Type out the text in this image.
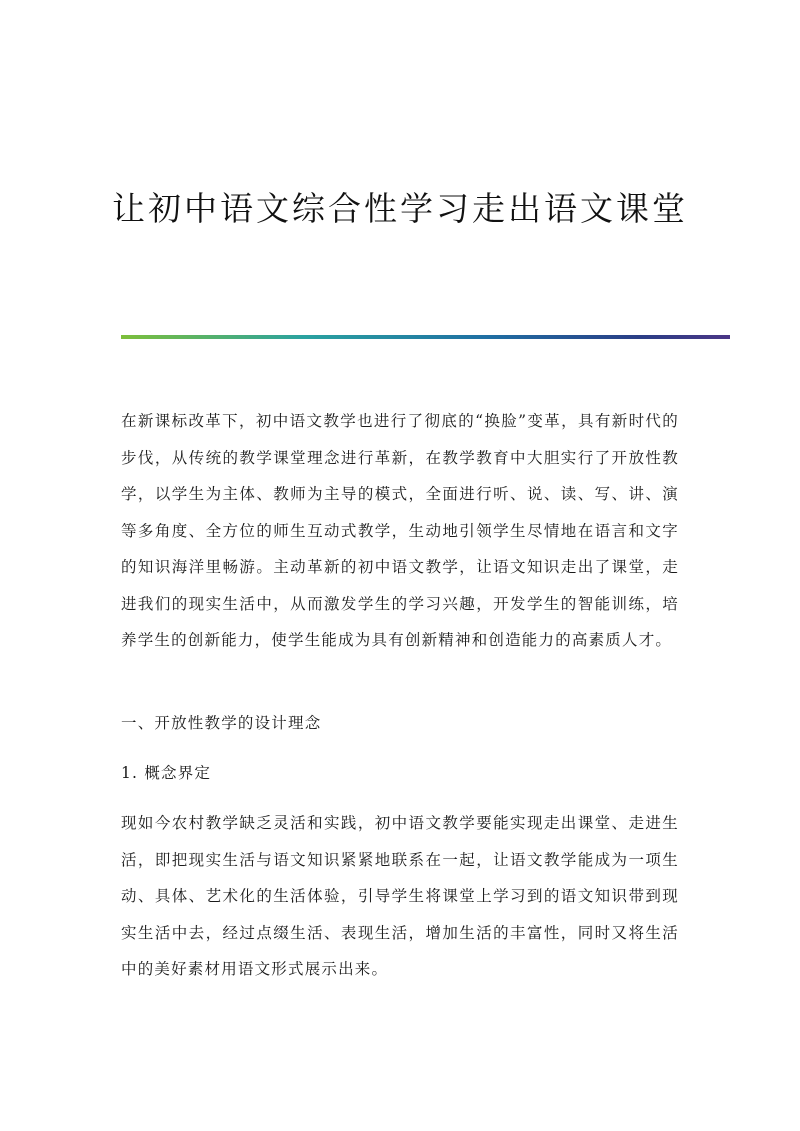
让初中语文综合性学习走出语文课堂

在新课标改革下，初中语文教学也进行了彻底的“换脸”变革，具有新时代的步伐，从传统的教学课堂理念进行革新，在教学教育中大胆实行了开放性教学，以学生为主体、教师为主导的模式，全面进行听、说、读、写、讲、演等多角度、全方位的师生互动式教学，生动地引领学生尽情地在语言和文字的知识海洋里畅游。主动革新的初中语文教学，让语文知识走出了课堂，走进我们的现实生活中，从而激发学生的学习兴趣，开发学生的智能训练，培养学生的创新能力，使学生能成为具有创新精神和创造能力的高素质人才。

一、开放性教学的设计理念

1. 概念界定

现如今农村教学缺乏灵活和实践，初中语文教学要能实现走出课堂、走进生活，即把现实生活与语文知识紧紧地联系在一起，让语文教学能成为一项生动、具体、艺术化的生活体验，引导学生将课堂上学习到的语文知识带到现实生活中去，经过点缀生活、表现生活，增加生活的丰富性，同时又将生活中的美好素材用语文形式展示出来。
